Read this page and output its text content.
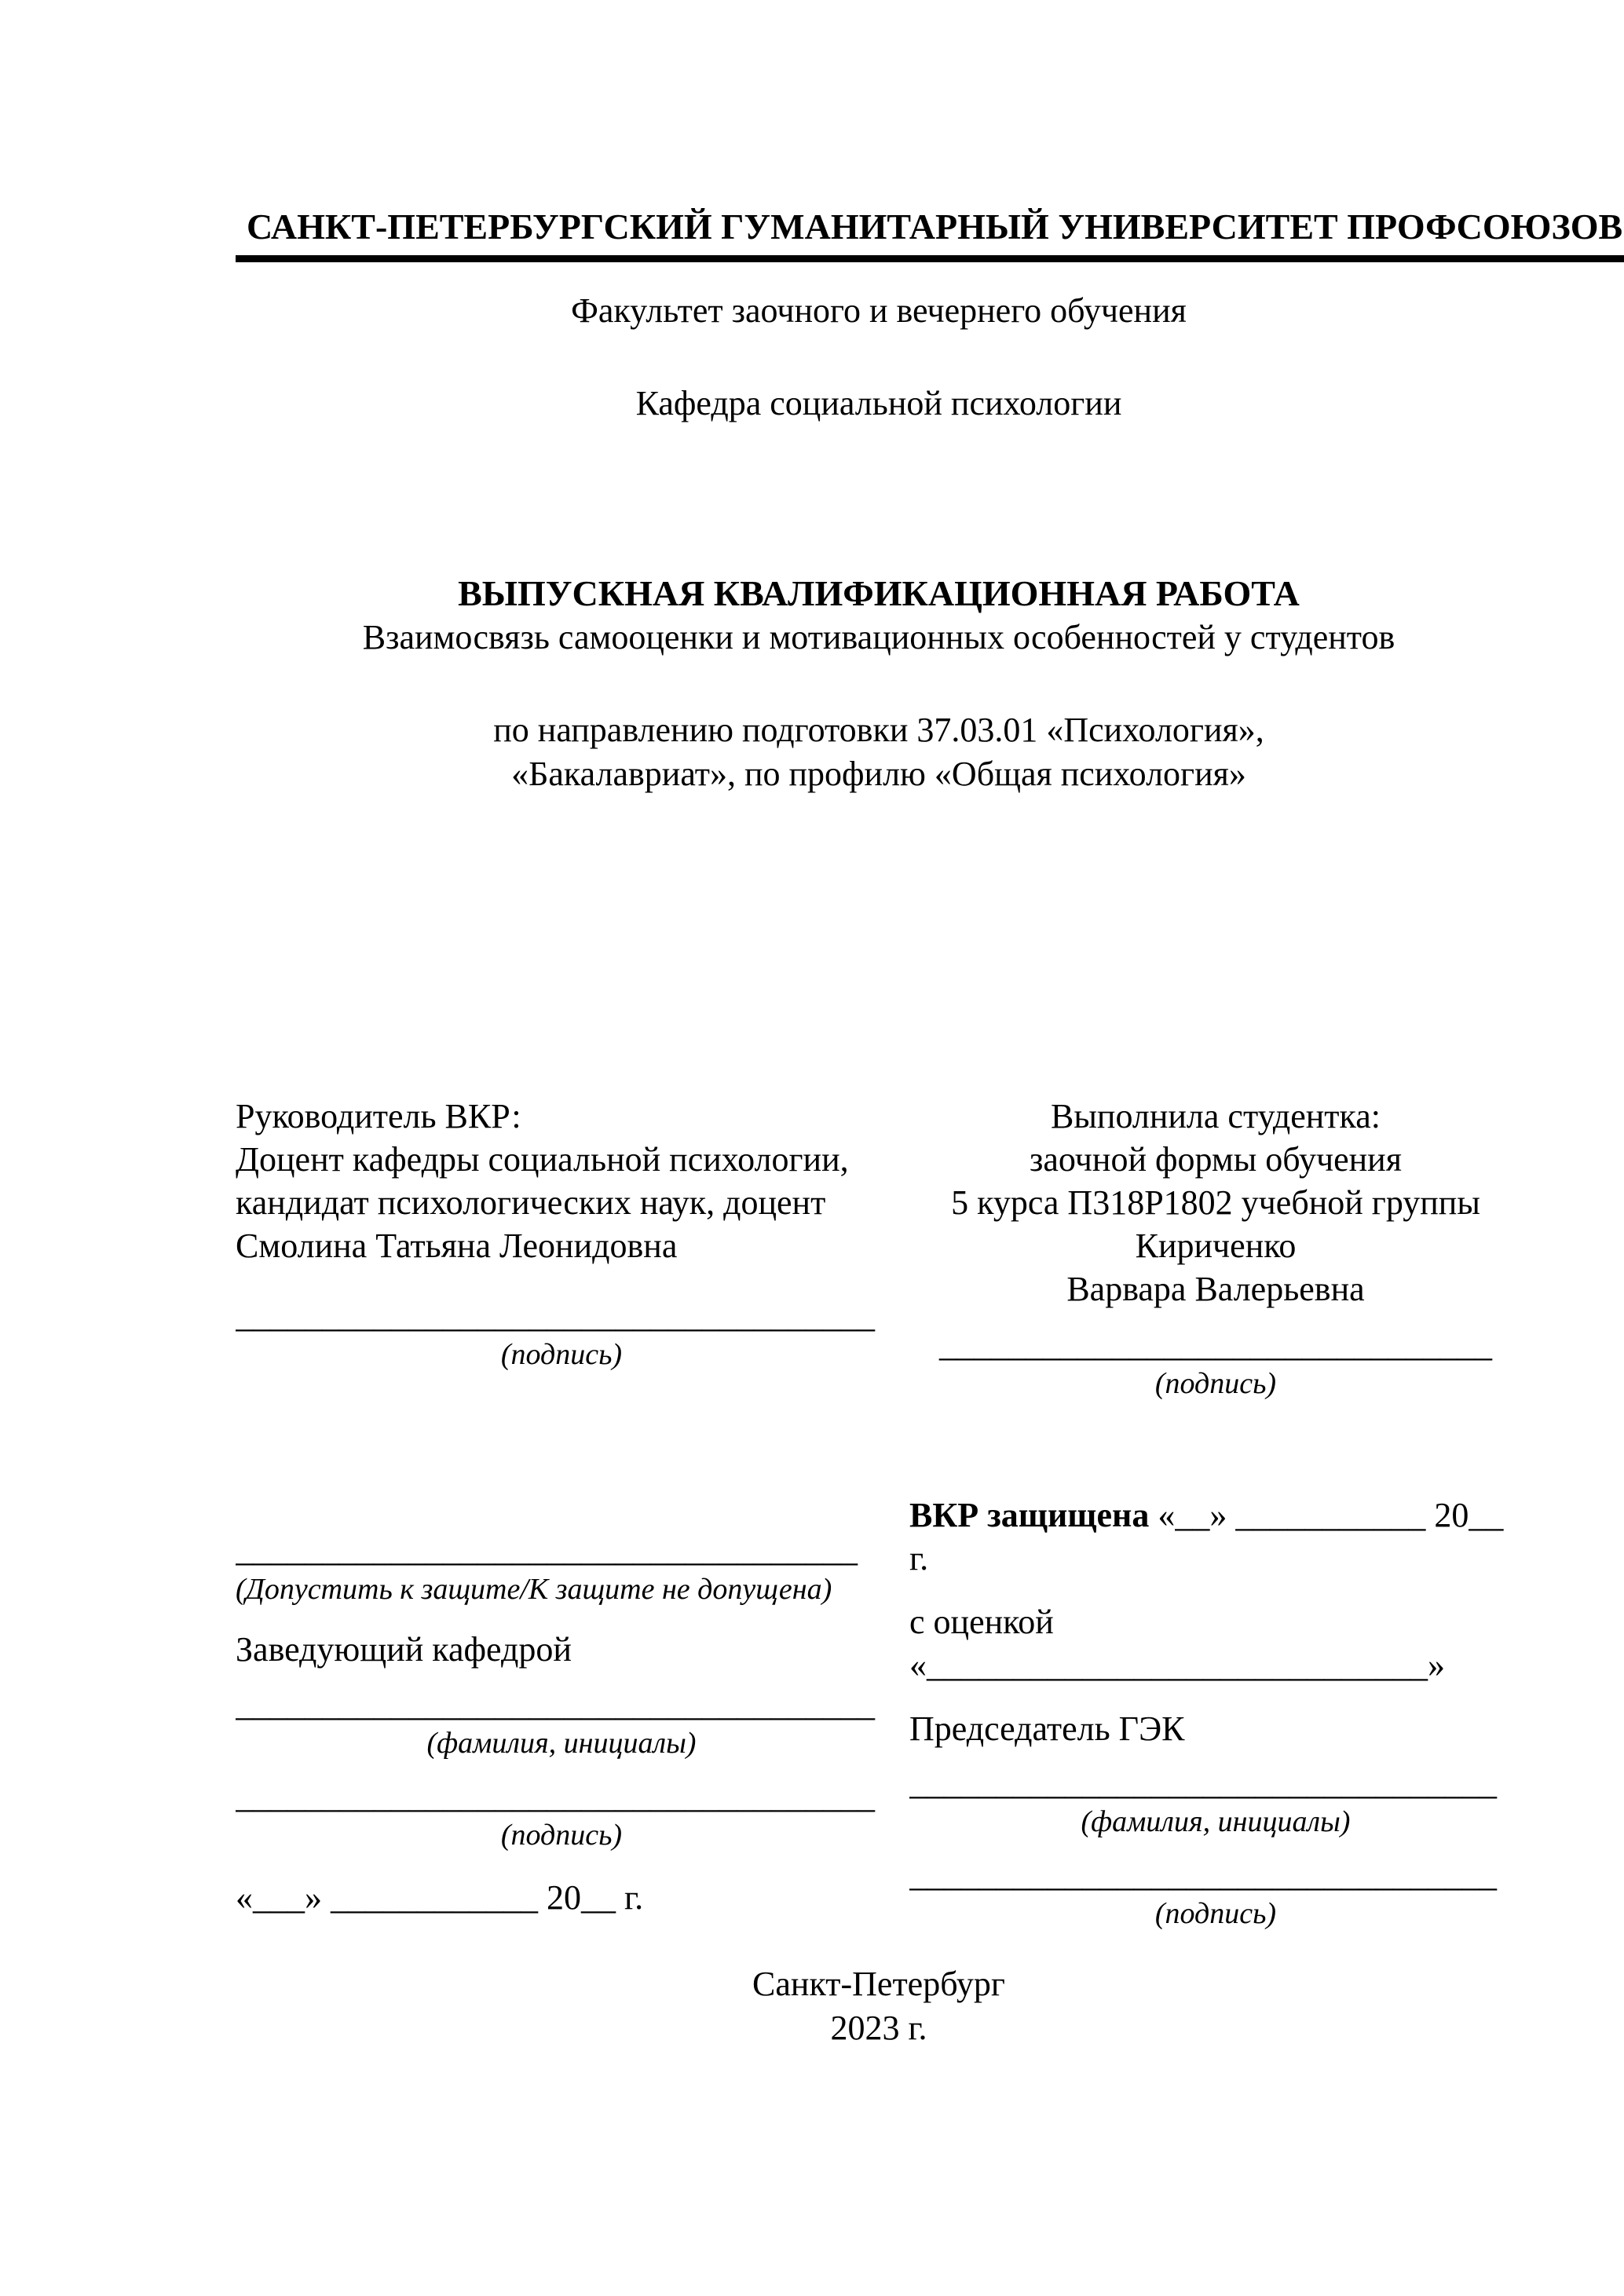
САНКТ-ПЕТЕРБУРГСКИЙ ГУМАНИТАРНЫЙ УНИВЕРСИТЕТ ПРОФСОЮЗОВ
Факультет заочного и вечернего обучения
Кафедра социальной психологии
ВЫПУСКНАЯ КВАЛИФИКАЦИОННАЯ РАБОТА
Взаимосвязь самооценки и мотивационных особенностей у студентов
по направлению подготовки 37.03.01 «Психология»,
«Бакалавриат», по профилю «Общая психология»
Руководитель ВКР:
Доцент кафедры социальной психологии,
кандидат психологических наук, доцент
Смолина Татьяна Леонидовна
_____________________________________
(подпись)
Выполнила студентка:
заочной формы обучения
5 курса П318Р1802 учебной группы
Кириченко
Варвара Валерьевна
________________________________
(подпись)
____________________________________
(Допустить к защите/К защите не допущена)
Заведующий кафедрой
_____________________________________
(фамилия, инициалы)
_____________________________________
(подпись)
«___» ____________ 20__ г.
ВКР защищена «__» ___________ 20__ г.
с оценкой «_____________________________»
Председатель ГЭК
__________________________________
(фамилия, инициалы)
__________________________________
(подпись)
Санкт-Петербург
2023 г.
